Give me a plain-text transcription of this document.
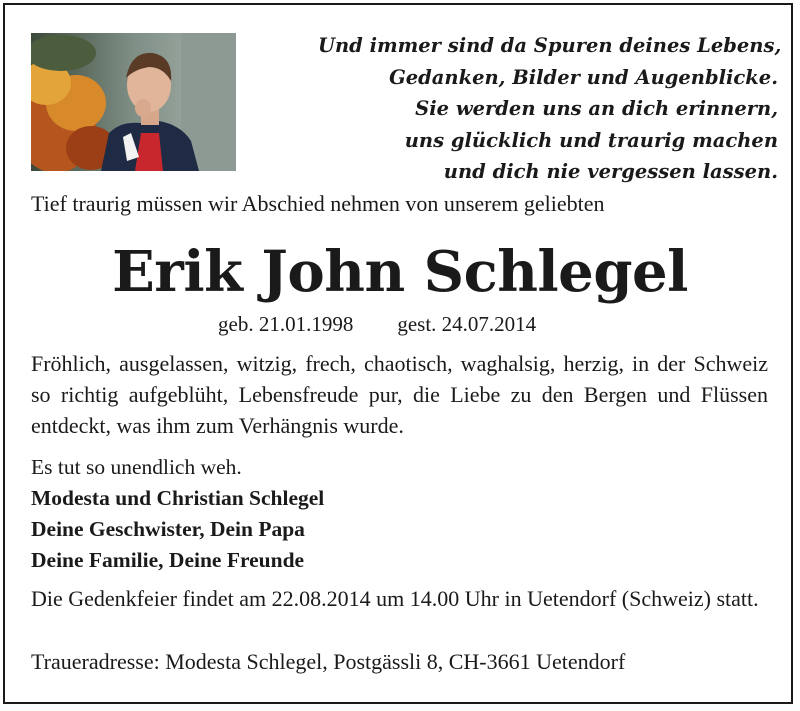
Und immer sind da Spuren deines Lebens,
Gedanken, Bilder und Augenblicke.
Sie werden uns an dich erinnern,
uns glücklich und traurig machen
und dich nie vergessen lassen.
Tief traurig müssen wir Abschied nehmen von unserem geliebten
Erik John Schlegel
geb. 21.01.1998 gest. 24.07.2014
Fröhlich, ausgelassen, witzig, frech, chaotisch, waghalsig, herzig, in der Schweiz so richtig aufgeblüht, Lebensfreude pur, die Liebe zu den Bergen und Flüssen entdeckt, was ihm zum Verhängnis wurde.
Es tut so unendlich weh.
Modesta und Christian Schlegel
Deine Geschwister, Dein Papa
Deine Familie, Deine Freunde
Die Gedenkfeier findet am 22.08.2014 um 14.00 Uhr in Uetendorf (Schweiz) statt.
Traueradresse: Modesta Schlegel, Postgässli 8, CH-3661 Uetendorf
